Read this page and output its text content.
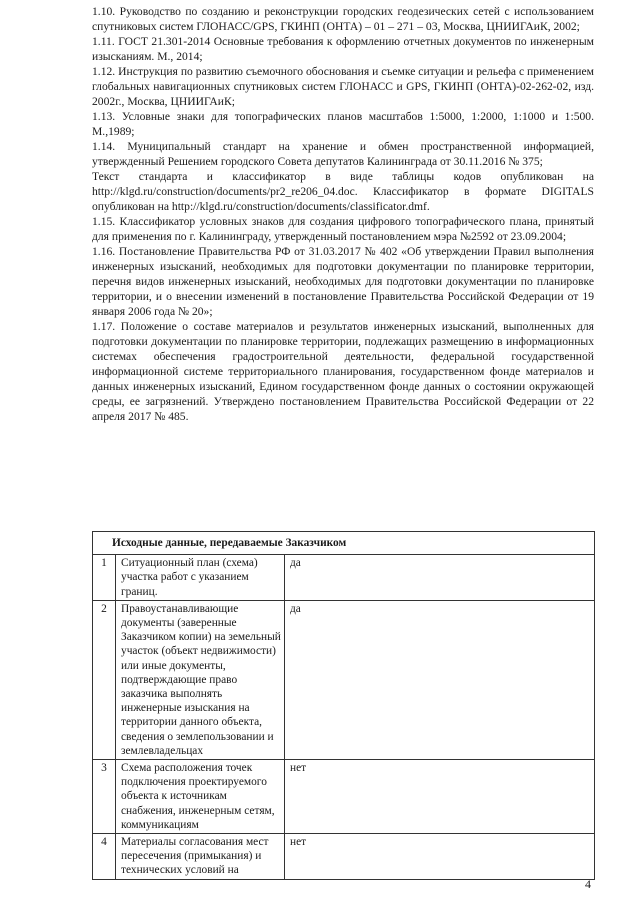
1.10. Руководство по созданию и реконструкции городских геодезических сетей с использованием спутниковых систем ГЛОНАСС/GPS, ГКИНП (ОНТА) – 01 – 271 – 03, Москва, ЦНИИГАиК, 2002;

1.11. ГОСТ 21.301-2014 Основные требования к оформлению отчетных документов по инженерным изысканиям. М., 2014;

1.12. Инструкция по развитию съемочного обоснования и съемке ситуации и рельефа с применением глобальных навигационных спутниковых систем ГЛОНАСС и GPS, ГКИНП (ОНТА)-02-262-02, изд. 2002г., Москва, ЦНИИГАиК;

1.13. Условные знаки для топографических планов масштабов 1:5000, 1:2000, 1:1000 и 1:500. М.,1989;

1.14. Муниципальный стандарт на хранение и обмен пространственной информацией, утвержденный Решением городского Совета депутатов Калининграда от 30.11.2016 № 375;

Текст стандарта и классификатор в виде таблицы кодов опубликован на http://klgd.ru/construction/documents/pr2_re206_04.doc. Классификатор в формате DIGITALS опубликован на http://klgd.ru/construction/documents/classificator.dmf.

1.15. Классификатор условных знаков для создания цифрового топографического плана, принятый для применения по г. Калининграду, утвержденный постановлением мэра №2592 от 23.09.2004;

1.16. Постановление Правительства РФ от 31.03.2017 № 402 «Об утверждении Правил выполнения инженерных изысканий, необходимых для подготовки документации по планировке территории, перечня видов инженерных изысканий, необходимых для подготовки документации по планировке территории, и о внесении изменений в постановление Правительства Российской Федерации от 19 января 2006 года № 20»;

1.17. Положение о составе материалов и результатов инженерных изысканий, выполненных для подготовки документации по планировке территории, подлежащих размещению в информационных системах обеспечения градостроительной деятельности, федеральной государственной информационной системе территориального планирования, государственном фонде материалов и данных инженерных изысканий, Едином государственном фонде данных о состоянии окружающей среды, ее загрязнений. Утверждено постановлением Правительства Российской Федерации от 22 апреля 2017 № 485.

Исходные данные, передаваемые Заказчиком		
1	Ситуационный план (схема) участка работ с указанием границ.	да
2	Правоустанавливающие документы (заверенные Заказчиком копии) на земельный участок (объект недвижимости) или иные документы, подтверждающие право заказчика выполнять инженерные изыскания на территории данного объекта, сведения о землепользовании и землевладельцах	да
3	Схема расположения точек подключения проектируемого объекта к источникам снабжения, инженерным сетям, коммуникациям	нет
4	Материалы согласования мест пересечения (примыкания) и технических условий на	нет
4
